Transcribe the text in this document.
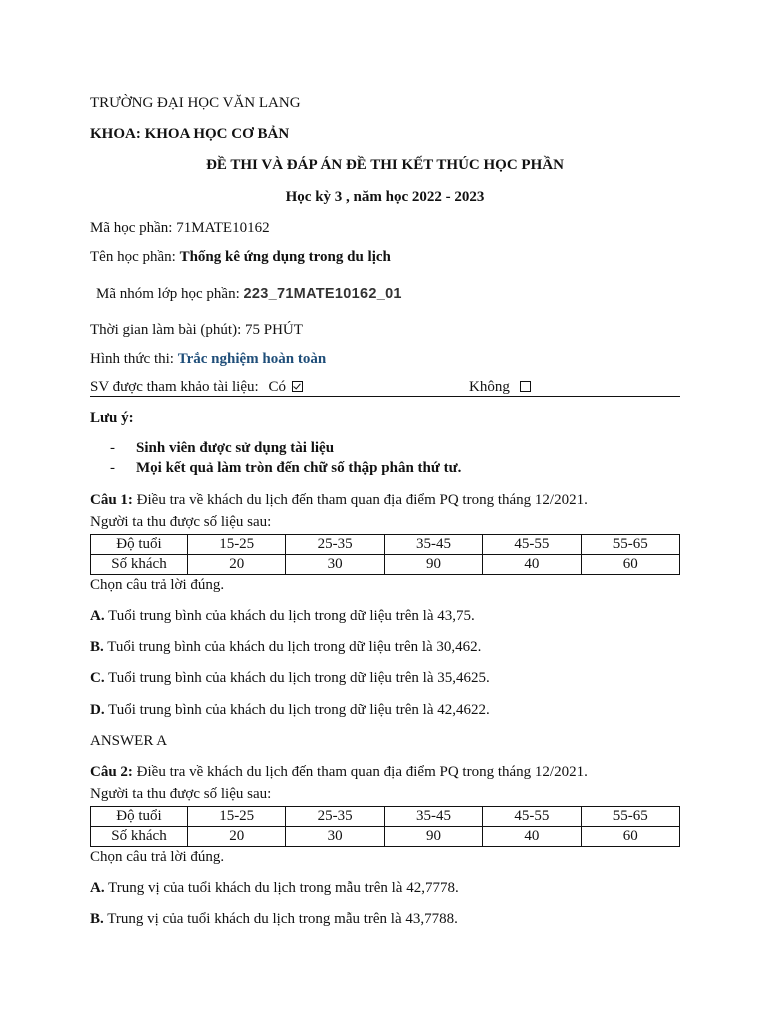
TRƯỜNG ĐẠI HỌC VĂN LANG
KHOA: KHOA HỌC CƠ BẢN
ĐỀ THI VÀ ĐÁP ÁN ĐỀ THI KẾT THÚC HỌC PHẦN
Học kỳ 3 , năm học 2022 - 2023
Mã học phần: 71MATE10162
Tên học phần: Thống kê ứng dụng trong du lịch
Mã nhóm lớp học phần: 223_71MATE10162_01
Thời gian làm bài (phút): 75 PHÚT
Hình thức thi: Trắc nghiệm hoàn toàn
SV được tham khảo tài liệu: Có	Không
Lưu ý:
- Sinh viên được sử dụng tài liệu
- Mọi kết quả làm tròn đến chữ số thập phân thứ tư.
Câu 1: Điều tra về khách du lịch đến tham quan địa điểm PQ trong tháng 12/2021.
Người ta thu được số liệu sau:
Độ tuổi	15-25	25-35	35-45	45-55	55-65
Số khách	20	30	90	40	60
Chọn câu trả lời đúng.
A. Tuổi trung bình của khách du lịch trong dữ liệu trên là 43,75.
B. Tuổi trung bình của khách du lịch trong dữ liệu trên là 30,462.
C. Tuổi trung bình của khách du lịch trong dữ liệu trên là 35,4625.
D. Tuổi trung bình của khách du lịch trong dữ liệu trên là 42,4622.
ANSWER A
Câu 2: Điều tra về khách du lịch đến tham quan địa điểm PQ trong tháng 12/2021.
Người ta thu được số liệu sau:
Độ tuổi	15-25	25-35	35-45	45-55	55-65
Số khách	20	30	90	40	60
Chọn câu trả lời đúng.
A. Trung vị của tuổi khách du lịch trong mẫu trên là 42,7778.
B. Trung vị của tuổi khách du lịch trong mẫu trên là 43,7788.
